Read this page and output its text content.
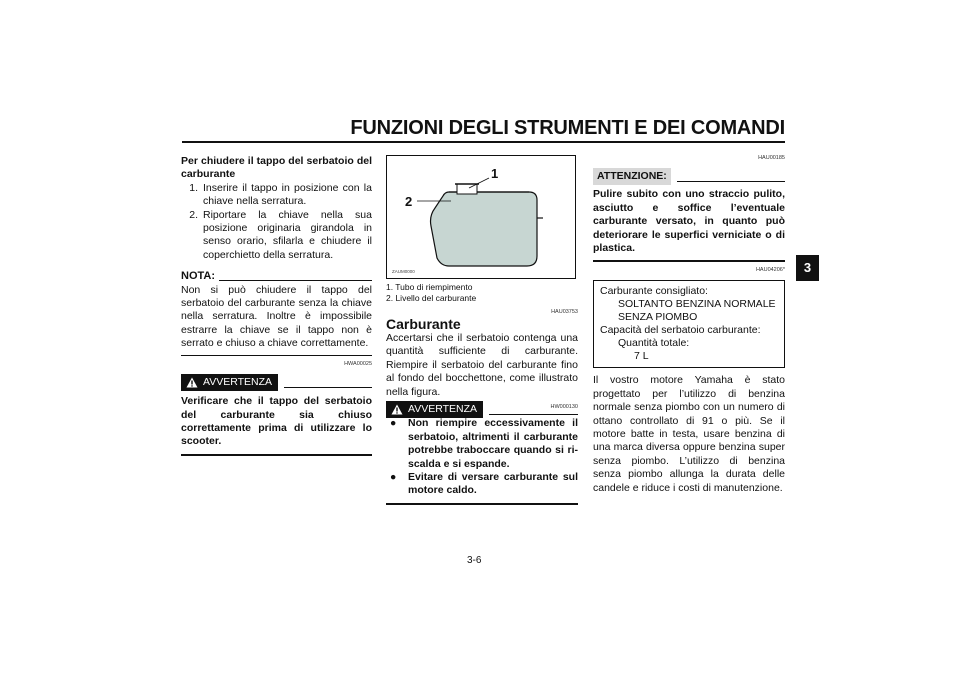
FUNZIONI DEGLI STRUMENTI E DEI COMANDI
3
Per chiudere il tappo del serbatoio del carburante
1. Inserire il tappo in posizione con la chiave nella serratura.
2. Riportare la chiave nella sua posizione originaria girandola in senso orario, sfilarla e chiudere il coperchietto della serratura.
NOTA:
Non si può chiudere il tappo del serbatoio del carburante senza la chiave nella serratura. Inoltre è impossibile estrarre la chiave se il tappo non è serrato e chiuso a chiave correttamente.
HWA00025
AVVERTENZA
Verificare che il tappo del serbatoio del carburante sia chiuso correttamente prima di utilizzare lo scooter.
1
2
ZAUM0000
1. Tubo di riempimento
2. Livello del carburante
HAU03753
Carburante
Accertarsi che il serbatoio contenga una quantità sufficiente di carburante. Riempire il serbatoio del carburante fino al fondo del bocchettone, come illustrato nella figura.
AVVERTENZA	HW000130
●	Non riempire eccessivamente il serbatoio, altrimenti il carburante potrebbe traboccare quando si riscalda e si espande.
●	Evitare di versare carburante sul motore caldo.
HAU00185
ATTENZIONE:
Pulire subito con uno straccio pulito, asciutto e soffice l’eventuale carburante versato, in quanto può deteriorare le superfici verniciate o di plastica.
HAU04206*
Carburante consigliato:
SOLTANTO BENZINA NORMALE
SENZA PIOMBO
Capacità del serbatoio carburante:
Quantità totale:
7 L
Il vostro motore Yamaha è stato progettato per l’utilizzo di benzina normale senza piombo con un numero di ottano controllato di 91 o più. Se il motore batte in testa, usare benzina di una marca diversa oppure benzina super senza piombo. L’utilizzo di benzina senza piombo allunga la durata delle candele e riduce i costi di manutenzione.
3-6
